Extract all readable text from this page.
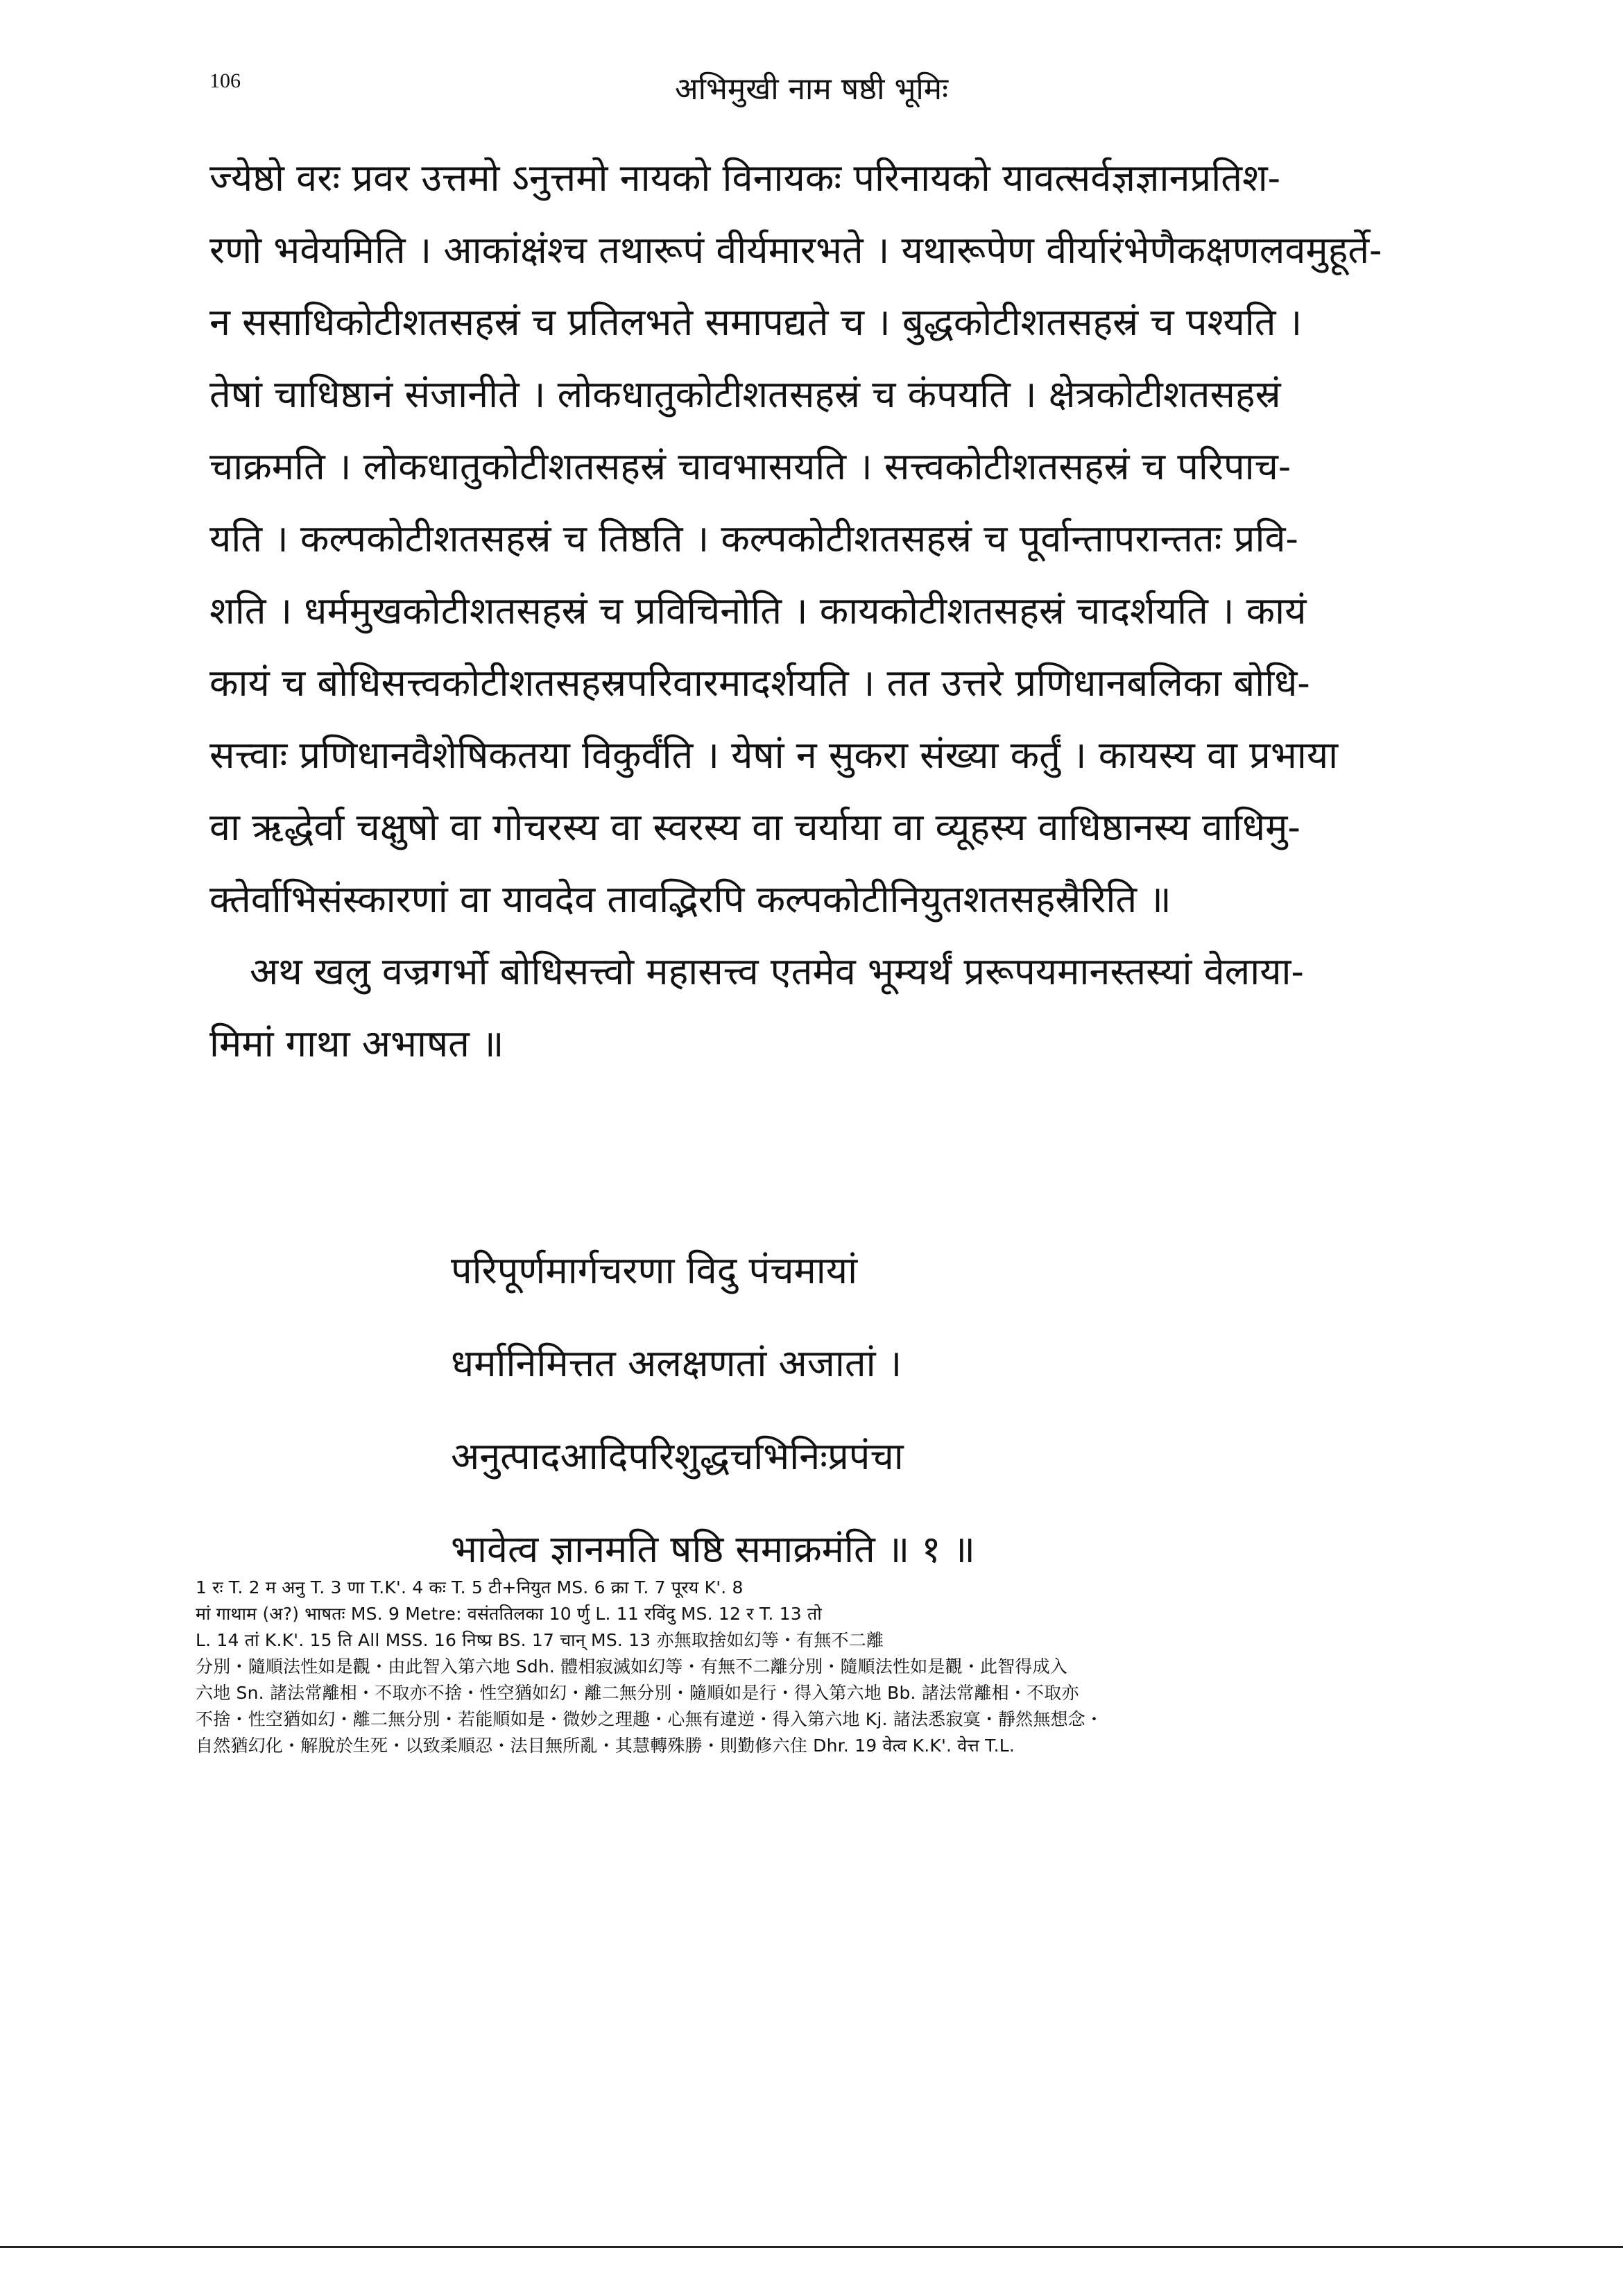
106	अभिमुखी नाम षष्ठी भूमिः
ज्येष्ठो वरः प्रवर उत्तमो ऽनुत्तमो नायको विनायकः परिनायको यावत्सर्वज्ञज्ञानप्रतिश-
रणो भवेयमिति । आकांक्षंश्च तथारूपं वीर्यमारभते । यथारूपेण वीर्यारंभेणैकक्षणलवमुहूर्ते-
न ससाधिकोटीशतसहस्रं च प्रतिलभते समापद्यते च । बुद्धकोटीशतसहस्रं च पश्यति ।
तेषां चाधिष्ठानं संजानीते । लोकधातुकोटीशतसहस्रं च कंपयति । क्षेत्रकोटीशतसहस्रं
चाक्रमति । लोकधातुकोटीशतसहस्रं चावभासयति । सत्त्वकोटीशतसहस्रं च परिपाच-
यति । कल्पकोटीशतसहस्रं च तिष्ठति । कल्पकोटीशतसहस्रं च पूर्वान्तापरान्ततः प्रवि-
शति । धर्ममुखकोटीशतसहस्रं च प्रविचिनोति । कायकोटीशतसहस्रं चादर्शयति । कायं
कायं च बोधिसत्त्वकोटीशतसहस्रपरिवारमादर्शयति । तत उत्तरे प्रणिधानबलिका बोधि-
सत्त्वाः प्रणिधानवैशेषिकतया विकुर्वंति । येषां न सुकरा संख्या कर्तुं । कायस्य वा प्रभाया
वा ऋद्धेर्वा चक्षुषो वा गोचरस्य वा स्वरस्य वा चर्याया वा व्यूहस्य वाधिष्ठानस्य वाधिमु-
क्तेर्वाभिसंस्कारणां वा यावदेव तावद्भिरपि कल्पकोटीनियुतशतसहस्रैरिति ॥
अथ खलु वज्रगर्भो बोधिसत्त्वो महासत्त्व एतमेव भूम्यर्थं प्ररूपयमानस्तस्यां वेलाया-
मिमां गाथा अभाषत ॥
परिपूर्णमार्गचरणा विदु पंचमायां
धर्मानिमित्तत अलक्षणतां अजातां ।
अनुत्पादआदिपरिशुद्धचभिनिःप्रपंचा
भावेत्व ज्ञानमति षष्ठि समाक्रमंति ॥ १ ॥
1 रः T. 2 म अनु T. 3 णा T.K'. 4 कः T. 5 टी+नियुत MS. 6 क्रा T. 7 पूरय K'. 8
मां गाथाम (अ?) भाषतः MS. 9 Metre: वसंततिलका 10 र्णु L. 11 रविंदु MS. 12 र T. 13 तो
L. 14 तां K.K'. 15 ति All MSS. 16 निष्प्र BS. 17 चान् MS. 13 亦無取捨如幻等・有無不二離
分別・隨順法性如是觀・由此智入第六地 Sdh. 體相寂滅如幻等・有無不二離分別・隨順法性如是觀・此智得成入
六地 Sn. 諸法常離相・不取亦不捨・性空猶如幻・離二無分別・隨順如是行・得入第六地 Bb. 諸法常離相・不取亦
不捨・性空猶如幻・離二無分別・若能順如是・微妙之理趣・心無有違逆・得入第六地 Kj. 諸法悉寂寞・靜然無想念・
自然猶幻化・解脫於生死・以致柔順忍・法目無所亂・其慧轉殊勝・則勤修六住 Dhr. 19 वेत्व K.K'. वेत्त T.L.
